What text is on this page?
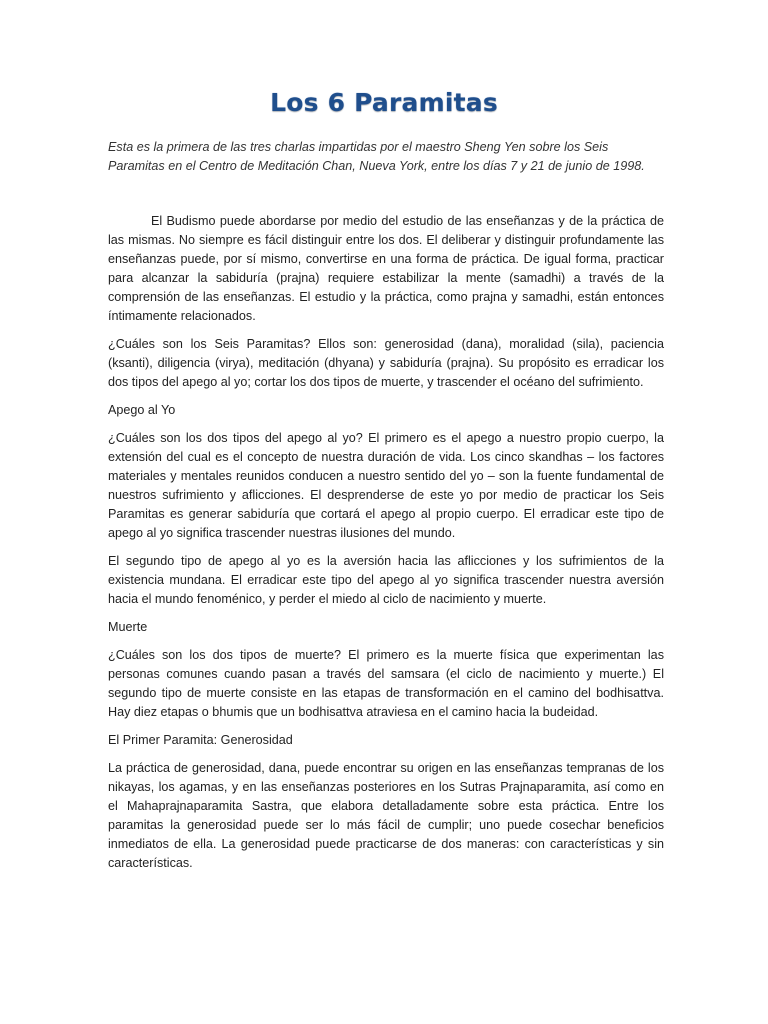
Los 6 Paramitas
Esta es la primera de las tres charlas impartidas por el maestro Sheng Yen sobre los Seis Paramitas en el Centro de Meditación Chan, Nueva York, entre los días 7 y 21 de junio de 1998.

El Budismo puede abordarse por medio del estudio de las enseñanzas y de la práctica de las mismas. No siempre es fácil distinguir entre los dos. El deliberar y distinguir profundamente las enseñanzas puede, por sí mismo, convertirse en una forma de práctica. De igual forma, practicar para alcanzar la sabiduría (prajna) requiere estabilizar la mente (samadhi) a través de la comprensión de las enseñanzas. El estudio y la práctica, como prajna y samadhi, están entonces íntimamente relacionados.

¿Cuáles son los Seis Paramitas? Ellos son: generosidad (dana), moralidad (sila), paciencia (ksanti), diligencia (virya), meditación (dhyana) y sabiduría (prajna). Su propósito es erradicar los dos tipos del apego al yo; cortar los dos tipos de muerte, y trascender el océano del sufrimiento.

Apego al Yo

¿Cuáles son los dos tipos del apego al yo? El primero es el apego a nuestro propio cuerpo, la extensión del cual es el concepto de nuestra duración de vida. Los cinco skandhas – los factores materiales y mentales reunidos conducen a nuestro sentido del yo – son la fuente fundamental de nuestros sufrimiento y aflicciones. El desprenderse de este yo por medio de practicar los Seis Paramitas es generar sabiduría que cortará el apego al propio cuerpo. El erradicar este tipo de apego al yo significa trascender nuestras ilusiones del mundo.

El segundo tipo de apego al yo es la aversión hacia las aflicciones y los sufrimientos de la existencia mundana. El erradicar este tipo del apego al yo significa trascender nuestra aversión hacia el mundo fenoménico, y perder el miedo al ciclo de nacimiento y muerte.

Muerte

¿Cuáles son los dos tipos de muerte? El primero es la muerte física que experimentan las personas comunes cuando pasan a través del samsara (el ciclo de nacimiento y muerte.) El segundo tipo de muerte consiste en las etapas de transformación en el camino del bodhisattva. Hay diez etapas o bhumis que un bodhisattva atraviesa en el camino hacia la budeidad.

El Primer Paramita: Generosidad

La práctica de generosidad, dana, puede encontrar su origen en las enseñanzas tempranas de los nikayas, los agamas, y en las enseñanzas posteriores en los Sutras Prajnaparamita, así como en el Mahaprajnaparamita Sastra, que elabora detalladamente sobre esta práctica. Entre los paramitas la generosidad puede ser lo más fácil de cumplir; uno puede cosechar beneficios inmediatos de ella. La generosidad puede practicarse de dos maneras: con características y sin características.
